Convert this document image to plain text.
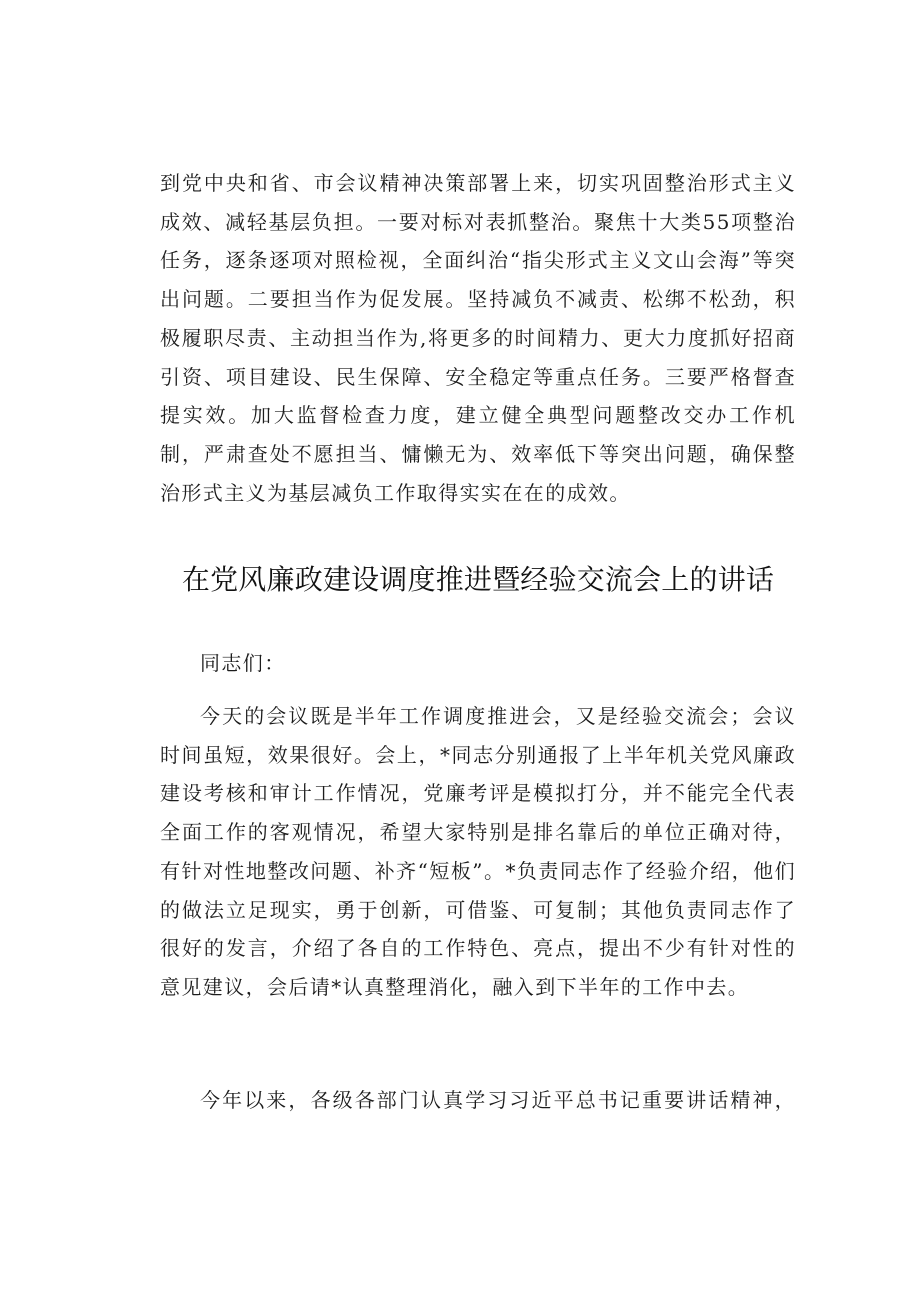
到党中央和省、市会议精神决策部署上来，切实巩固整治形式主义成效、减轻基层负担。一要对标对表抓整治。聚焦十大类55项整治任务，逐条逐项对照检视，全面纠治“指尖形式主义文山会海”等突出问题。二要担当作为促发展。坚持减负不减责、松绑不松劲，积极履职尽责、主动担当作为,将更多的时间精力、更大力度抓好招商引资、项目建设、民生保障、安全稳定等重点任务。三要严格督查提实效。加大监督检查力度，建立健全典型问题整改交办工作机制，严肃查处不愿担当、慵懒无为、效率低下等突出问题，确保整治形式主义为基层减负工作取得实实在在的成效。

在党风廉政建设调度推进暨经验交流会上的讲话

同志们：

今天的会议既是半年工作调度推进会，又是经验交流会；会议时间虽短，效果很好。会上，*同志分别通报了上半年机关党风廉政建设考核和审计工作情况，党廉考评是模拟打分，并不能完全代表全面工作的客观情况，希望大家特别是排名靠后的单位正确对待，有针对性地整改问题、补齐“短板”。*负责同志作了经验介绍，他们的做法立足现实，勇于创新，可借鉴、可复制；其他负责同志作了很好的发言，介绍了各自的工作特色、亮点，提出不少有针对性的意见建议，会后请*认真整理消化，融入到下半年的工作中去。

今年以来，各级各部门认真学习习近平总书记重要讲话精神，
